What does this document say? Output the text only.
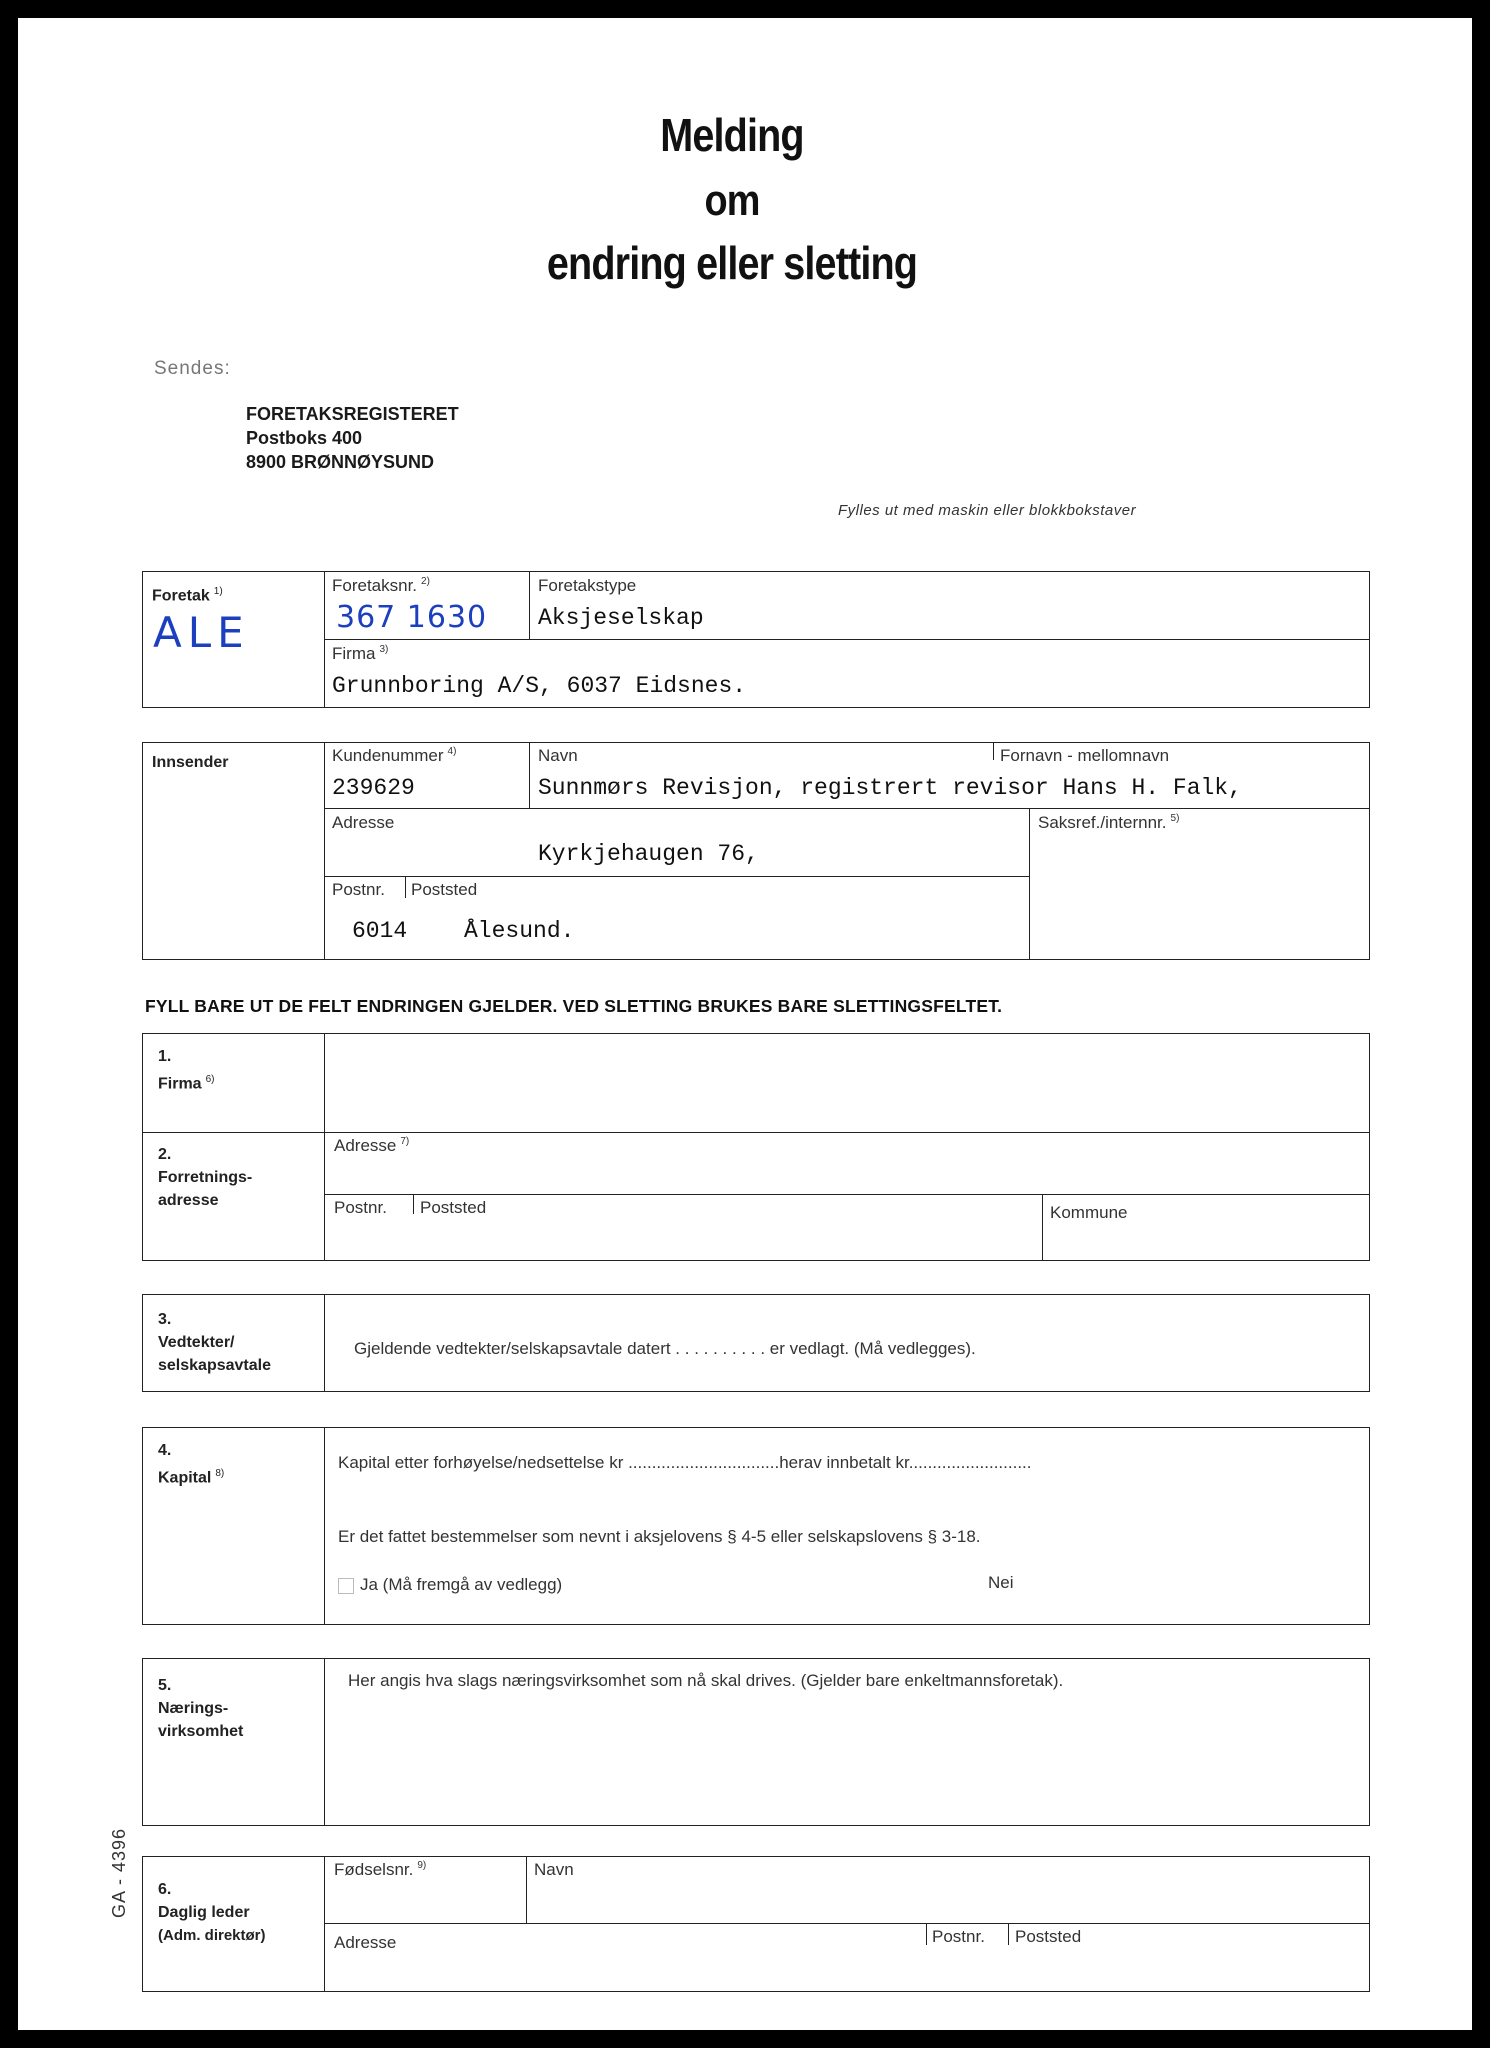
Melding
om
endring eller sletting
Sendes:
FORETAKSREGISTERET
Postboks 400
8900 BRØNNØYSUND
Fylles ut med maskin eller blokkbokstaver
Foretak $^{1)}$
ALE
Foretaksnr. $^{2)}$
367 1630
Foretakstype
Aksjeselskap
Firma $^{3)}$
Grunnboring A/S, 6037 Eidsnes.
Innsender	Kundenummer $^{4)}$
239629
Navn	Fornavn - mellomnavn
Sunnmørs Revisjon, registrert revisor Hans H. Falk,
Adresse
Kyrkjehaugen 76,
Saksref./internnr. $^{5)}$
Postnr. Poststed
6014 Ålesund.
FYLL BARE UT DE FELT ENDRINGEN GJELDER. VED SLETTING BRUKES BARE SLETTINGSFELTET.
1.
Firma $^{6)}$
2.
Forretnings-
adresse
Adresse $^{7)}$
Postnr. Poststed	Kommune
3.
Vedtekter/
selskapsavtale
Gjeldende vedtekter/selskapsavtale datert . . . . . . . . . . er vedlagt. (Må vedlegges).
4.
Kapital $^{8)}$
Kapital etter forhøyelse/nedsettelse kr ................................herav innbetalt kr..........................
Er det fattet bestemmelser som nevnt i aksjelovens § 4-5 eller selskapslovens § 3-18.
Ja (Må fremgå av vedlegg)	Nei
5.
Nærings-
virksomhet
Her angis hva slags næringsvirksomhet som nå skal drives. (Gjelder bare enkeltmannsforetak).
6.
Daglig leder
(Adm. direktør)
Fødselsnr. $^{9)}$	Navn
Adresse	Postnr. Poststed
GA - 4396
